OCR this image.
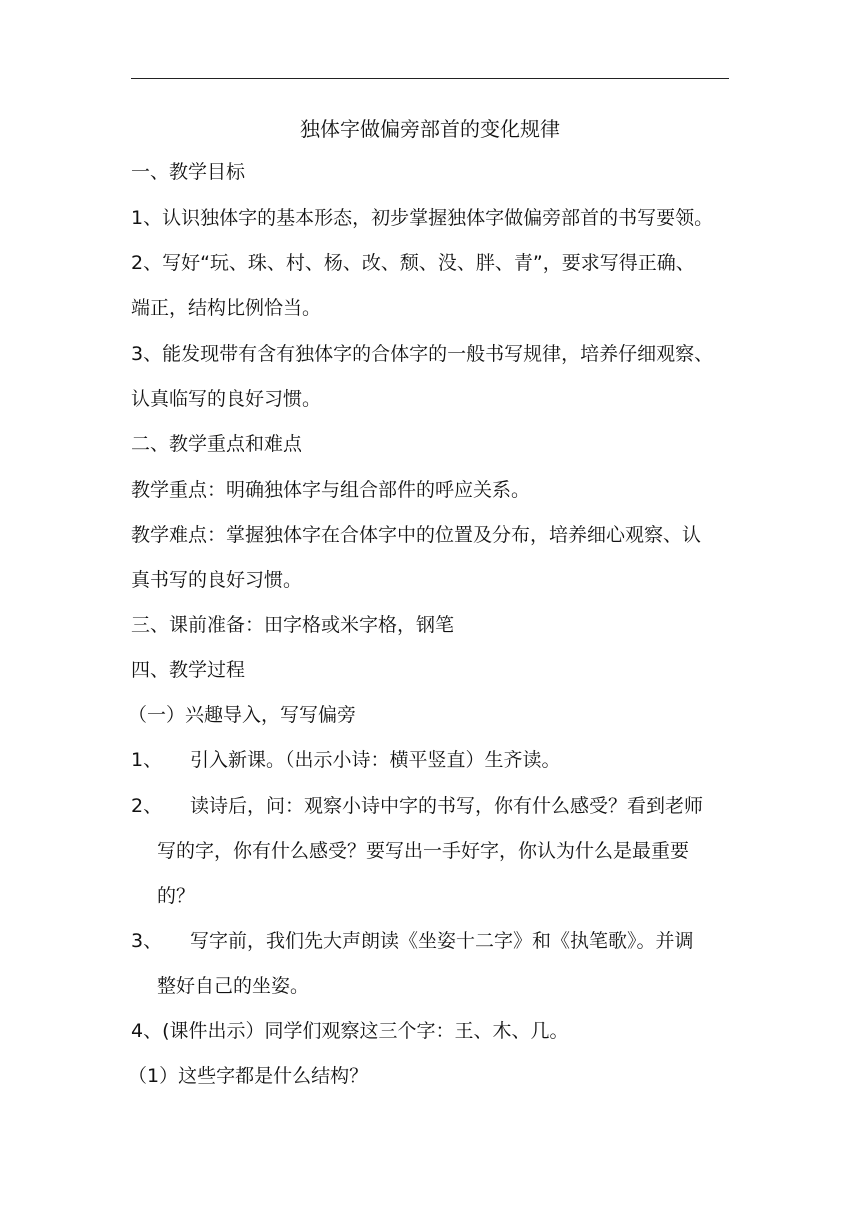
独体字做偏旁部首的变化规律
一、教学目标
1、认识独体字的基本形态，初步掌握独体字做偏旁部首的书写要领。
2、写好“玩、珠、村、杨、改、颓、没、胖、青”，要求写得正确、
端正，结构比例恰当。
3、能发现带有含有独体字的合体字的一般书写规律，培养仔细观察、
认真临写的良好习惯。
二、教学重点和难点
教学重点：明确独体字与组合部件的呼应关系。
教学难点：掌握独体字在合体字中的位置及分布，培养细心观察、认
真书写的良好习惯。
三、课前准备：田字格或米字格，钢笔
四、教学过程
（一）兴趣导入，写写偏旁
1、 引入新课。（出示小诗：横平竖直）生齐读。
2、 读诗后，问：观察小诗中字的书写，你有什么感受？看到老师
写的字，你有什么感受？要写出一手好字，你认为什么是最重要
的？
3、 写字前，我们先大声朗读《坐姿十二字》和《执笔歌》。并调
整好自己的坐姿。
4、(课件出示）同学们观察这三个字：王、木、几。
（1）这些字都是什么结构？
